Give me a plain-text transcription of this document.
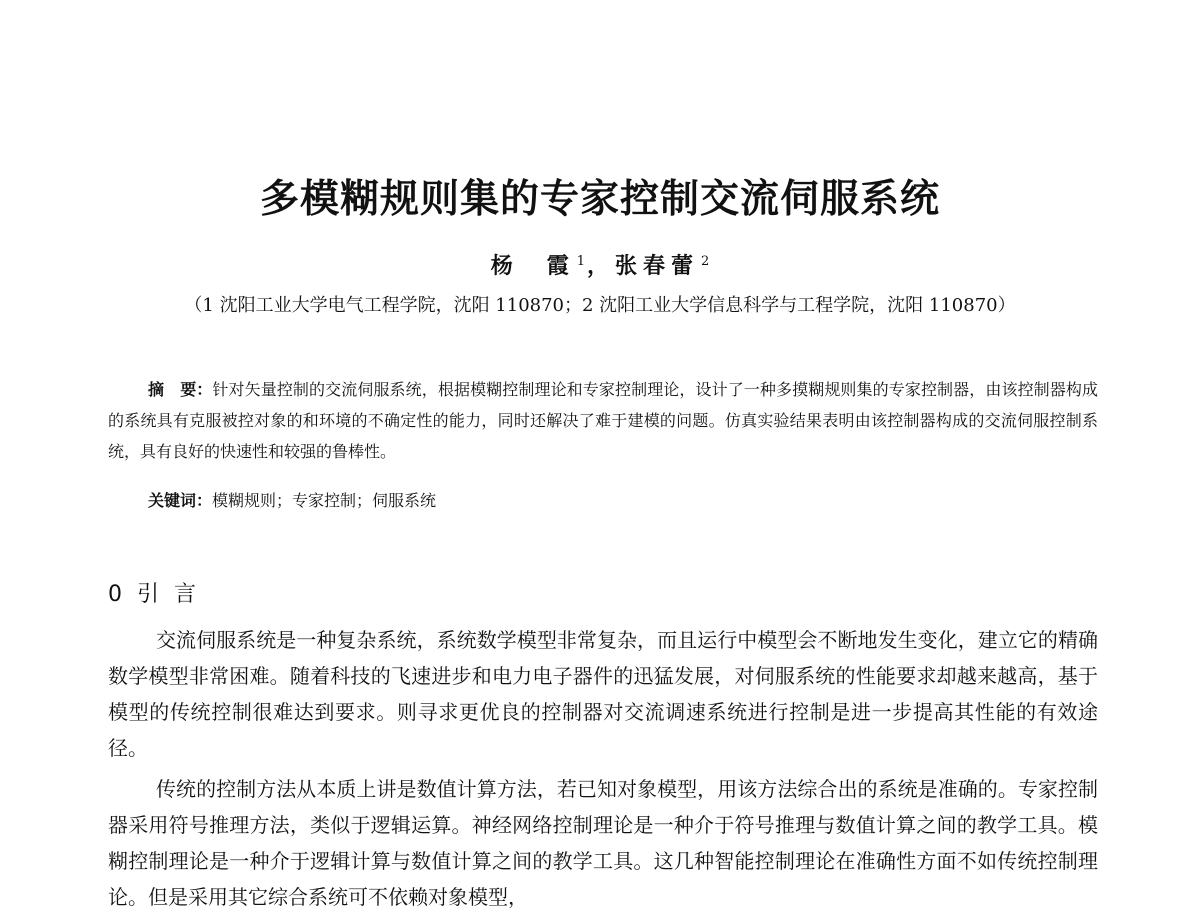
多模糊规则集的专家控制交流伺服系统
杨　霞 $^1$， 张春蕾 $^2$
（1 沈阳工业大学电气工程学院，沈阳 110870；2 沈阳工业大学信息科学与工程学院，沈阳 110870）
摘　要：针对矢量控制的交流伺服系统，根据模糊控制理论和专家控制理论，设计了一种多摸糊规则集的专家控制器，由该控制器构成的系统具有克服被控对象的和环境的不确定性的能力，同时还解决了难于建模的问题。仿真实验结果表明由该控制器构成的交流伺服控制系统，具有良好的快速性和较强的鲁棒性。
关键词：模糊规则；专家控制；伺服系统
0 引 言

交流伺服系统是一种复杂系统，系统数学模型非常复杂，而且运行中模型会不断地发生变化，建立它的精确数学模型非常困难。随着科技的飞速进步和电力电子器件的迅猛发展，对伺服系统的性能要求却越来越高，基于模型的传统控制很难达到要求。则寻求更优良的控制器对交流调速系统进行控制是进一步提高其性能的有效途径。

传统的控制方法从本质上讲是数值计算方法，若已知对象模型，用该方法综合出的系统是准确的。专家控制器采用符号推理方法，类似于逻辑运算。神经网络控制理论是一种介于符号推理与数值计算之间的教学工具。模糊控制理论是一种介于逻辑计算与数值计算之间的教学工具。这几种智能控制理论在准确性方面不如传统控制理论。但是采用其它综合系统可不依赖对象模型，
